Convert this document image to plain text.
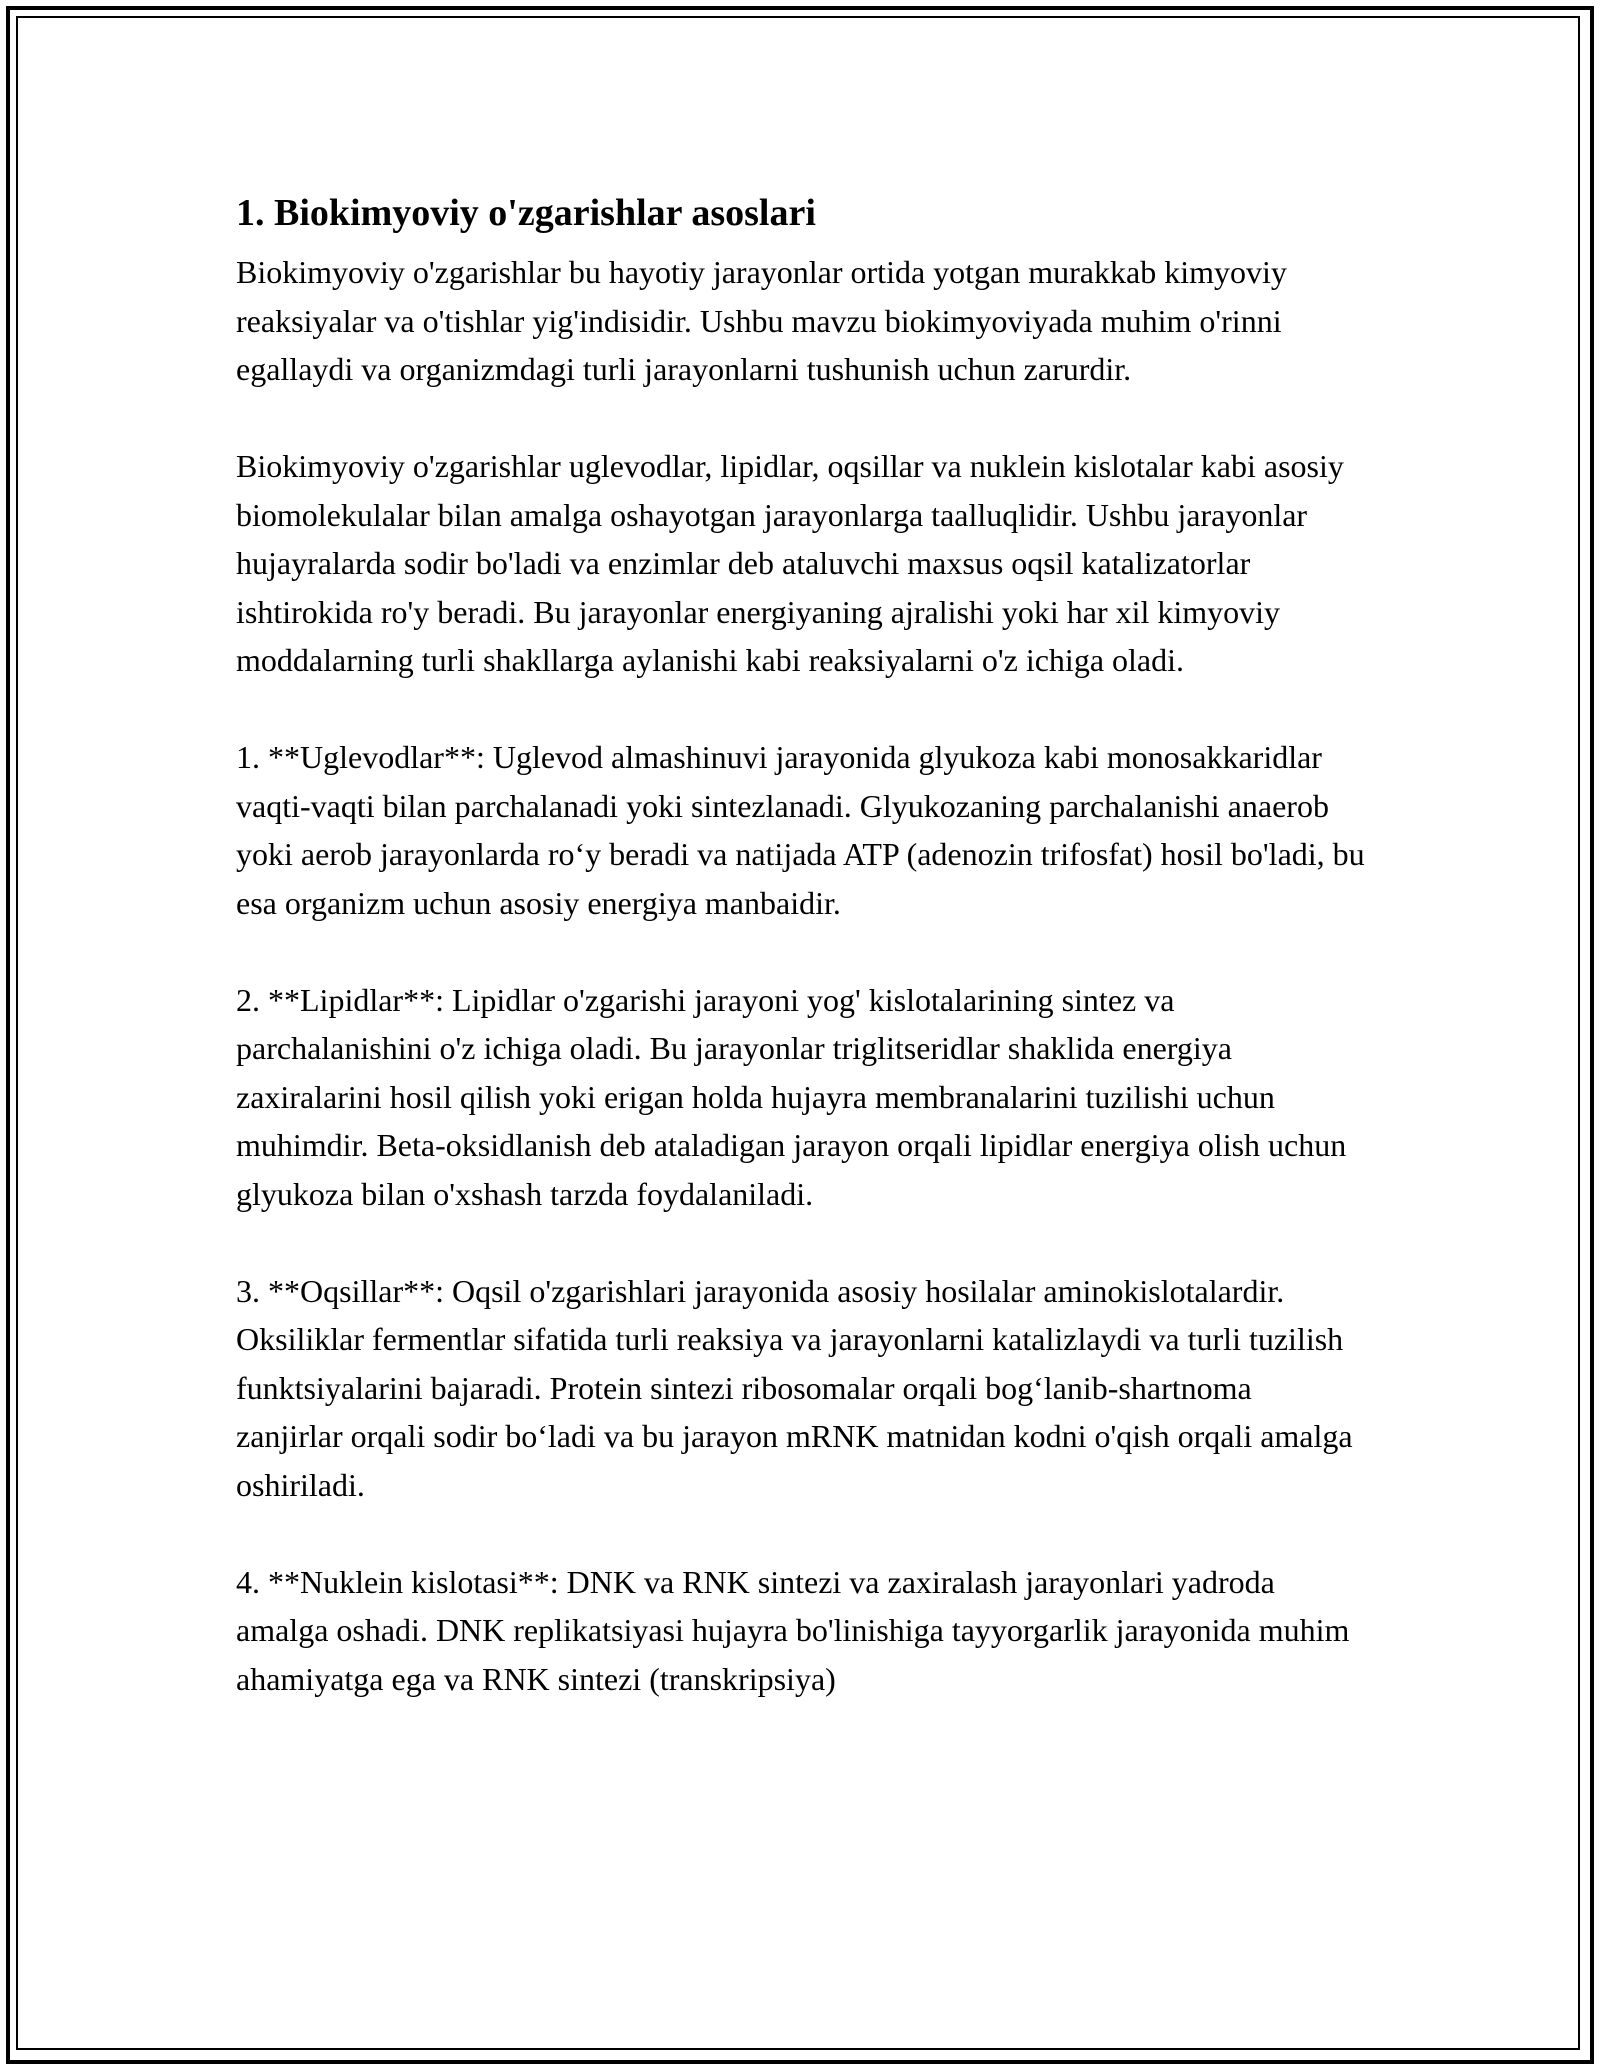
1. Biokimyoviy o'zgarishlar asoslari

Biokimyoviy o'zgarishlar bu hayotiy jarayonlar ortida yotgan murakkab kimyoviy reaksiyalar va o'tishlar yig'indisidir. Ushbu mavzu biokimyoviyada muhim o'rinni egallaydi va organizmdagi turli jarayonlarni tushunish uchun zarurdir.

Biokimyoviy o'zgarishlar uglevodlar, lipidlar, oqsillar va nuklein kislotalar kabi asosiy biomolekulalar bilan amalga oshayotgan jarayonlarga taalluqlidir. Ushbu jarayonlar hujayralarda sodir bo'ladi va enzimlar deb ataluvchi maxsus oqsil katalizatorlar ishtirokida ro'y beradi. Bu jarayonlar energiyaning ajralishi yoki har xil kimyoviy moddalarning turli shakllarga aylanishi kabi reaksiyalarni o'z ichiga oladi.

1. **Uglevodlar**: Uglevod almashinuvi jarayonida glyukoza kabi monosakkaridlar vaqti-vaqti bilan parchalanadi yoki sintezlanadi. Glyukozaning parchalanishi anaerob yoki aerob jarayonlarda ro‘y beradi va natijada ATP (adenozin trifosfat) hosil bo'ladi, bu esa organizm uchun asosiy energiya manbaidir.

2. **Lipidlar**: Lipidlar o'zgarishi jarayoni yog' kislotalarining sintez va parchalanishini o'z ichiga oladi. Bu jarayonlar triglitseridlar shaklida energiya zaxiralarini hosil qilish yoki erigan holda hujayra membranalarini tuzilishi uchun muhimdir. Beta-oksidlanish deb ataladigan jarayon orqali lipidlar energiya olish uchun glyukoza bilan o'xshash tarzda foydalaniladi.

3. **Oqsillar**: Oqsil o'zgarishlari jarayonida asosiy hosilalar aminokislotalardir. Oksiliklar fermentlar sifatida turli reaksiya va jarayonlarni katalizlaydi va turli tuzilish funktsiyalarini bajaradi. Protein sintezi ribosomalar orqali bog‘lanib-shartnoma zanjirlar orqali sodir bo‘ladi va bu jarayon mRNK matnidan kodni o'qish orqali amalga oshiriladi.

4. **Nuklein kislotasi**: DNK va RNK sintezi va zaxiralash jarayonlari yadroda amalga oshadi. DNK replikatsiyasi hujayra bo'linishiga tayyorgarlik jarayonida muhim ahamiyatga ega va RNK sintezi (transkripsiya)
